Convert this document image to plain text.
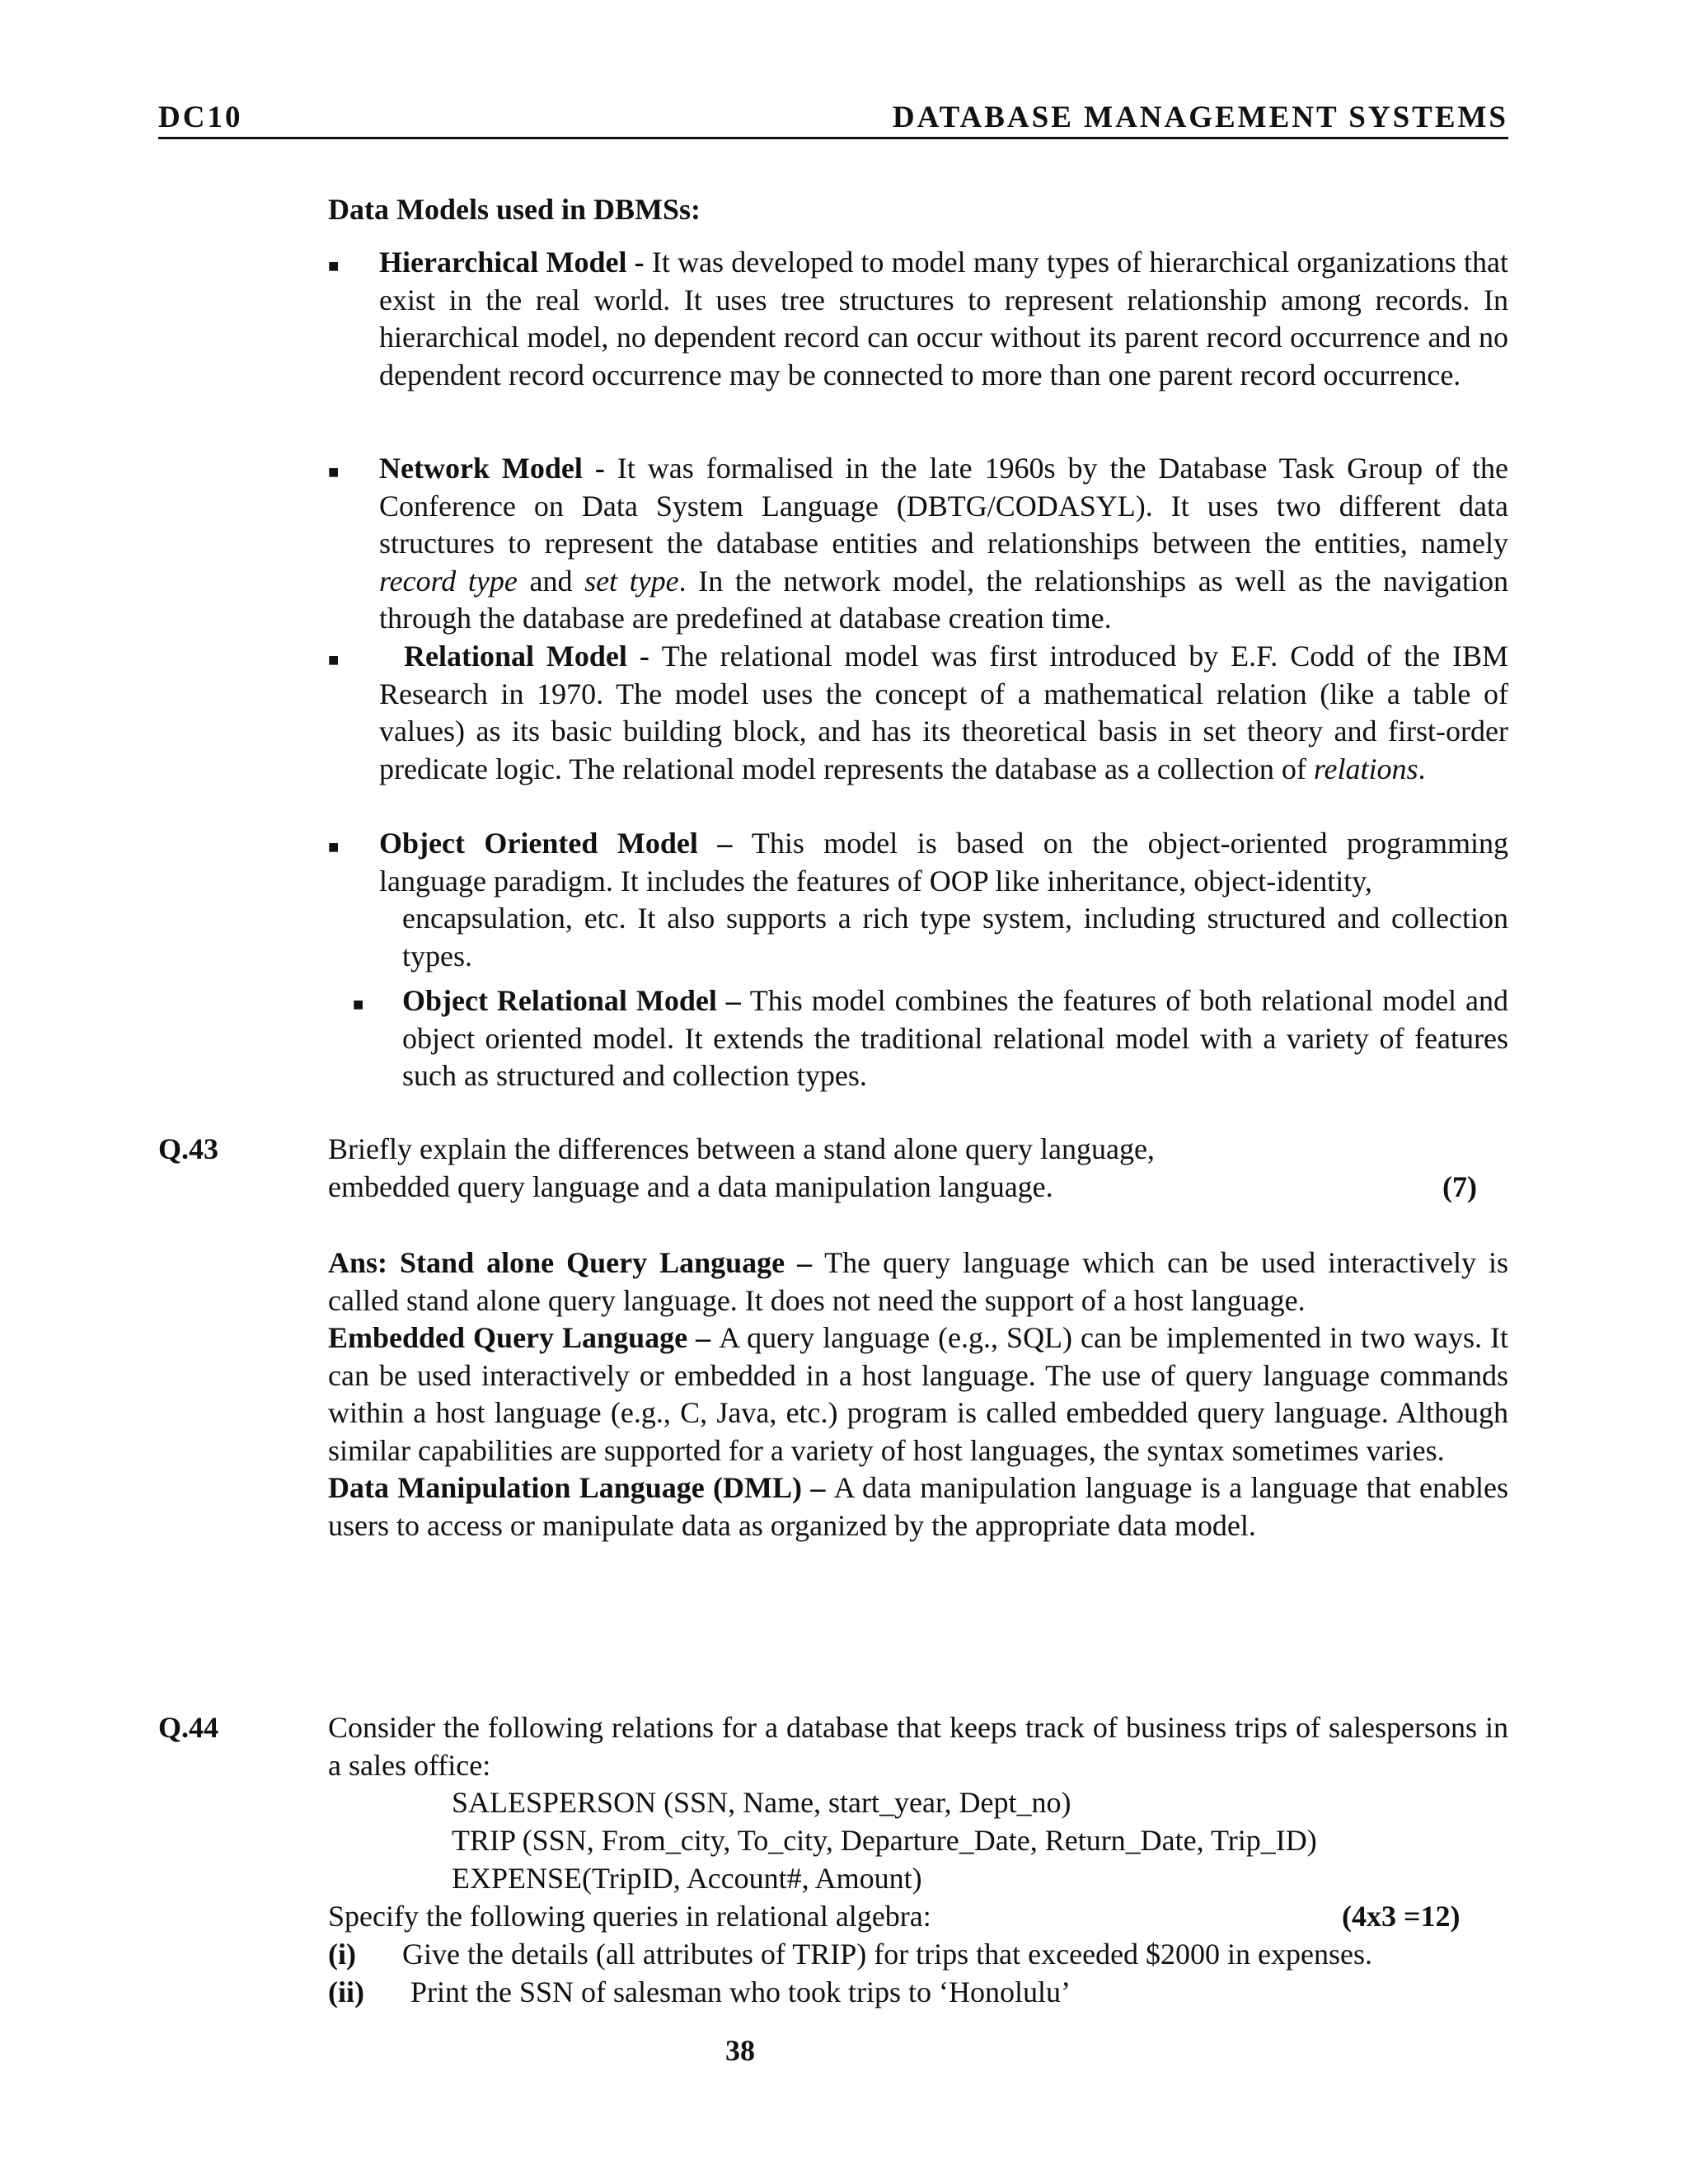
DC10	DATABASE MANAGEMENT SYSTEMS
Data Models used in DBMSs:
■ Hierarchical Model - It was developed to model many types of hierarchical organizations that exist in the real world. It uses tree structures to represent relationship among records. In hierarchical model, no dependent record can occur without its parent record occurrence and no dependent record occurrence may be connected to more than one parent record occurrence.
■ Network Model - It was formalised in the late 1960s by the Database Task Group of the Conference on Data System Language (DBTG/CODASYL). It uses two different data structures to represent the database entities and relationships between the entities, namely record type and set type. In the network model, the relationships as well as the navigation through the database are predefined at database creation time.
■	Relational Model - The relational model was first introduced by E.F. Codd of the IBM Research in 1970. The model uses the concept of a mathematical relation (like a table of values) as its basic building block, and has its theoretical basis in set theory and first-order predicate logic. The relational model represents the database as a collection of relations.
■ Object Oriented Model – This model is based on the object-oriented programming

language paradigm. It includes the features of OOP like inheritance, object-identity,

encapsulation, etc. It also supports a rich type system, including structured and collection types.

■ Object Relational Model – This model combines the features of both relational model and object oriented model. It extends the traditional relational model with a variety of features such as structured and collection types.
Q.43	Briefly explain the differences between a stand alone query language,
embedded query language and a data manipulation language.	(7)

Ans: Stand alone Query Language – The query language which can be used interactively is called stand alone query language. It does not need the support of a host language.

Embedded Query Language – A query language (e.g., SQL) can be implemented in two ways. It can be used interactively or embedded in a host language. The use of query language commands within a host language (e.g., C, Java, etc.) program is called embedded query language. Although similar capabilities are supported for a variety of host languages, the syntax sometimes varies.

Data Manipulation Language (DML) – A data manipulation language is a language that enables users to access or manipulate data as organized by the appropriate data model.

Q.44	Consider the following relations for a database that keeps track of business trips of salespersons in a sales office:
SALESPERSON (SSN, Name, start_year, Dept_no)
TRIP (SSN, From_city, To_city, Departure_Date, Return_Date, Trip_ID)
EXPENSE(TripID, Account#, Amount)
Specify the following queries in relational algebra:	(4x3 =12)
(i) Give the details (all attributes of TRIP) for trips that exceeded $2000 in expenses.
(ii) Print the SSN of salesman who took trips to ‘Honolulu’
38
